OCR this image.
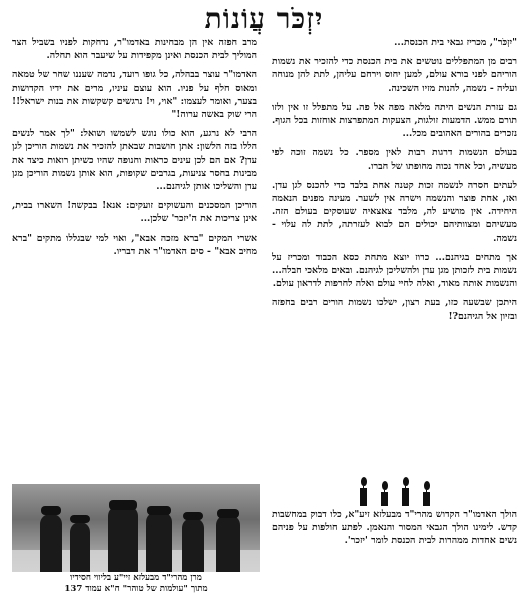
יִזְכֹּר עֲוֹנוֹת

"יִזְכֹּר", מכריז גבאי בית הכנסת...

רבים מן המתפללים נוטשים את בית הכנסת כדי להזכיר את נשמות הוריהם לפני בורא עולם, למען יחוס וירחם עליהן, לתת להן מנוחה ועליה - נשמה, להנות מזיו השכינה.

גם עזרת הנשים היתה מלאה מפה אל פה. על מתפלל זו אין ולזו תורם ממש. הדמעות זולגות, הצעקות המתפרצות אוחזות בכל הגוף. נזכרים בהורים האהובים מכל...

בעולם הנשמות דרגות רבות לאין מספר. כל נשמה זוכה לפי מעשיה, וכל אחד נכוה מחופתו של חברו.

לעתים חסרה לנשמה זכות קטנה אחת בלבד כדי להכנס לגן עדן. ואז, אחת פוצר והנשמה וישרה אין לשער. מעינה מפנים הנאמה היחידה. אין מושיע לה, מלבד צאצאיה שעוסקים בעולם הזה. מעשיהם ומצוותיהם יכולים הם לבוא לעזרתה, לתת לה עלוי - נשמה.

אך מתחים בגיהנם... כרוז יוצא מתחת כסא הכבוד ומכריז על נשמות בית לזכותן מגן עדן ולהשליכן לגיהנם. ובאים מלאכי חבלה... והנשמות אותה מאוד, ואלה לחיי עולם ואלה לחרפות לדראון עולם.

היתכן שבשעה כזו, בעת רצון, ישלכו נשמות הורים רבים בחפזה ובזיון אל הגיהנם?!

הולך האדמו"ר הקדוש מהרי"ד מבעלזא זיע"א, כלו דבוק במחשבות קדש. לימינו הולך הגבאי המסור והנאמן. לפתע חולפות על פניהם נשים אחדות ממהרות לבית הכנסת לומר 'יזכר'.

מרב חפזה אין הן מבחינות באדמו"ר, נדחקות לפניו בשביל הצר המוליך לבית הכנסת ואינן מקפידות על שיעבר הוא תחלה.

האדמו"ר עוצר בבהלה, כל גופו רועד, נדמה שעננו שחר של טמאה ומאוס חלף על פניו. הוא עוצם עיניו, מרים את ידיו הקדושות בצער, ואומר לעצמו: "אוי, וי! נרגשים קשקשות את בנות ישראל!! הרי שוק באשה ערוה!"

הרבי לא נרגע, הוא כולו נוגש לשמשו ושואל: "לך אמר לנשים הללו בזה הלשון: אתן חושבות שבאתן להזכיר את נשמות הוריכן לגן עדן? אם הם לכן עינים כראות וחנופה שהיו כשיתן רואות כיצד את מבינות בחסר צניעות, בגרבים שקופות, הוא אותן נשמות הוריכן מגן עדן והשליכו אותן לגיהנם...

הוריכן המסכנים והעשוקים זועקים: אנא! בבקשה! השארו בבית, אינן צריכות את ה'יזכר' שלכן...

אשרי המקים "ברא מזכה אבא", ואוי למי שבגללו מתקים "ברא מחיב אבא" - סים האדמו"ר את דבריו.

מרן מהרי"ד מבעלזא זיי"ע בליווי חסידיו
מתוך "עולמות של טוהר" ח"א עמוד 137
